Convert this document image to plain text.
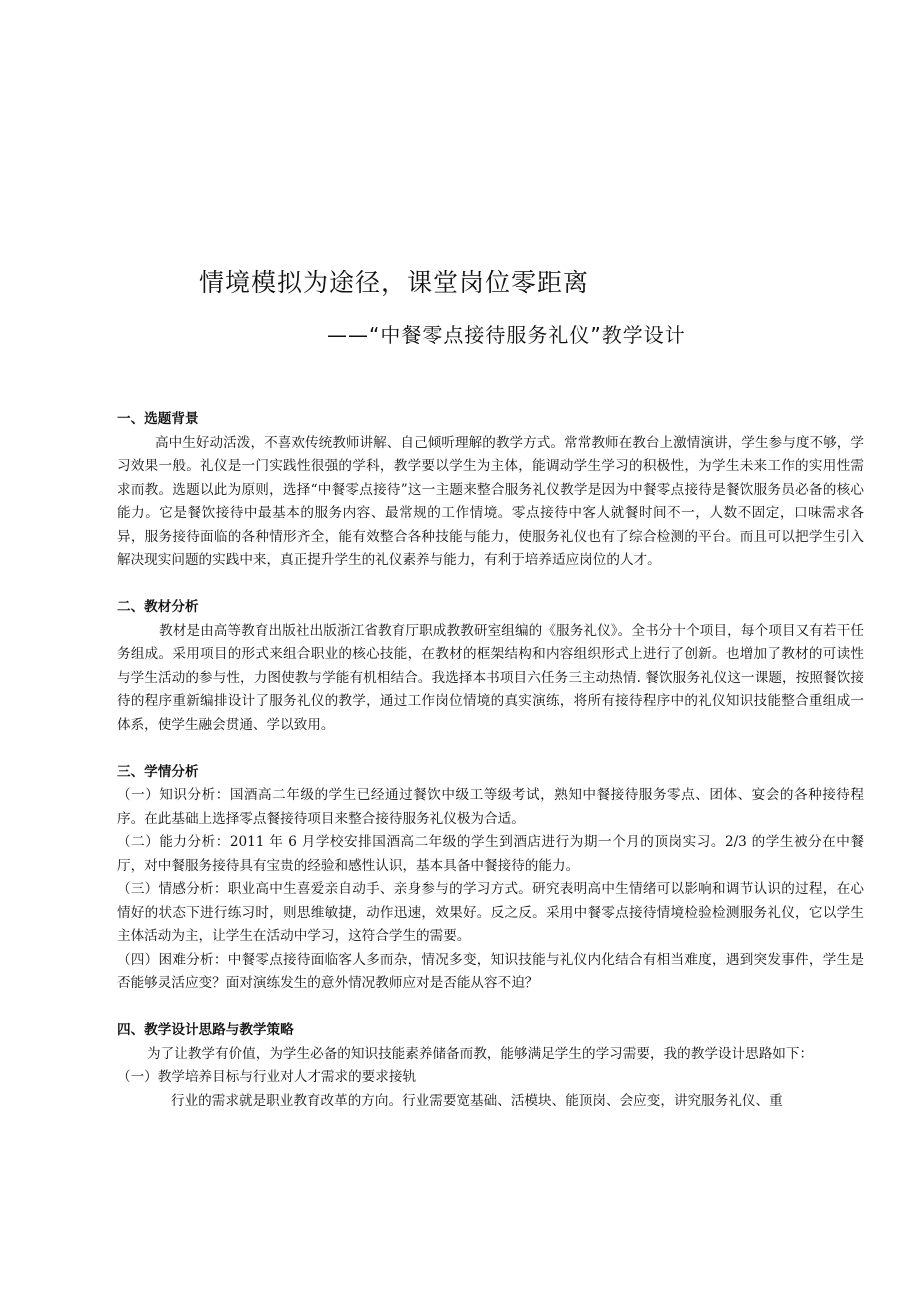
情境模拟为途径，课堂岗位零距离
——“中餐零点接待服务礼仪”教学设计
一、选题背景

高中生好动活泼，不喜欢传统教师讲解、自己倾听理解的教学方式。常常教师在教台上激情演讲，学生参与度不够，学习效果一般。礼仪是一门实践性很强的学科，教学要以学生为主体，能调动学生学习的积极性，为学生未来工作的实用性需求而教。选题以此为原则，选择“中餐零点接待”这一主题来整合服务礼仪教学是因为中餐零点接待是餐饮服务员必备的核心能力。它是餐饮接待中最基本的服务内容、最常规的工作情境。零点接待中客人就餐时间不一，人数不固定，口味需求各异，服务接待面临的各种情形齐全，能有效整合各种技能与能力，使服务礼仪也有了综合检测的平台。而且可以把学生引入解决现实问题的实践中来，真正提升学生的礼仪素养与能力，有利于培养适应岗位的人才。

二、教材分析

教材是由高等教育出版社出版浙江省教育厅职成教教研室组编的《服务礼仪》。全书分十个项目，每个项目又有若干任务组成。采用项目的形式来组合职业的核心技能，在教材的框架结构和内容组织形式上进行了创新。也增加了教材的可读性与学生活动的参与性，力图使教与学能有机相结合。我选择本书项目六任务三主动热情. 餐饮服务礼仪这一课题，按照餐饮接待的程序重新编排设计了服务礼仪的教学，通过工作岗位情境的真实演练，将所有接待程序中的礼仪知识技能整合重组成一体系，使学生融会贯通、学以致用。

三、学情分析

（一）知识分析：国酒高二年级的学生已经通过餐饮中级工等级考试，熟知中餐接待服务零点、团体、宴会的各种接待程序。在此基础上选择零点餐接待项目来整合接待服务礼仪极为合适。

（二）能力分析：2011 年 6 月学校安排国酒高二年级的学生到酒店进行为期一个月的顶岗实习。2/3 的学生被分在中餐厅，对中餐服务接待具有宝贵的经验和感性认识，基本具备中餐接待的能力。

（三）情感分析：职业高中生喜爱亲自动手、亲身参与的学习方式。研究表明高中生情绪可以影响和调节认识的过程，在心情好的状态下进行练习时，则思维敏捷，动作迅速，效果好。反之反。采用中餐零点接待情境检验检测服务礼仪，它以学生主体活动为主，让学生在活动中学习，这符合学生的需要。

（四）困难分析：中餐零点接待面临客人多而杂，情况多变，知识技能与礼仪内化结合有相当难度，遇到突发事件，学生是否能够灵活应变？面对演练发生的意外情况教师应对是否能从容不迫？

四、教学设计思路与教学策略

为了让教学有价值，为学生必备的知识技能素养储备而教，能够满足学生的学习需要，我的教学设计思路如下：

（一）教学培养目标与行业对人才需求的要求接轨

行业的需求就是职业教育改革的方向。行业需要宽基础、活模块、能顶岗、会应变，讲究服务礼仪、重
